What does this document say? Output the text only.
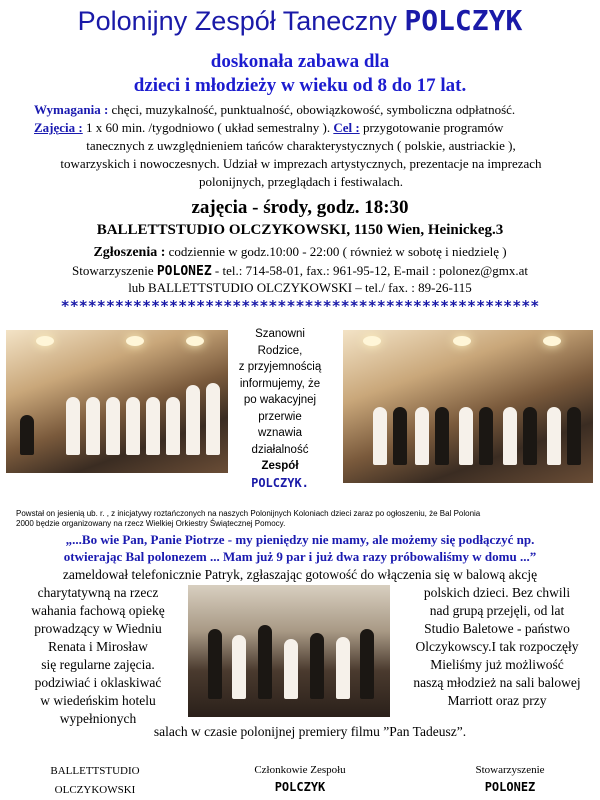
Polonijny Zespół Taneczny POLCZYK
doskonała zabawa dla
dzieci i młodzieży w wieku od 8 do 17 lat.
Wymagania : chęci, muzykalność, punktualność, obowiązkowość, symboliczna odpłatność.
Zajęcia : 1 x 60 min. /tygodniowo ( układ semestralny ). Cel : przygotowanie programów
tanecznych z uwzględnieniem tańców charakterystycznych ( polskie, austriackie ),
towarzyskich i nowoczesnych. Udział w imprezach artystycznych, prezentacje na imprezach
polonijnych, przeglądach i festiwalach.
zajęcia - środy, godz. 18:30
BALLETTSTUDIO OLCZYKOWSKI, 1150 Wien, Heinickeg.3
Zgłoszenia : codziennie w godz.10:00 - 22:00 ( również w sobotę i niedzielę )
Stowarzyszenie POLONEZ - tel.: 714-58-01, fax.: 961-95-12, E-mail : polonez@gmx.at
lub BALLETTSTUDIO OLCZYKOWSKI – tel./ fax. : 89-26-115
*****************************************************
Szanowni
Rodzice,
z przyjemnością
informujemy, że
po wakacyjnej
przerwie
wznawia
działalność
Zespół
POLCZYK.
Powstał on jesienią ub. r. , z inicjatywy roztańczonych na naszych Polonijnych Koloniach dzieci zaraz po ogłoszeniu, że Bal Polonia
2000 będzie organizowany na rzecz Wielkiej Orkiestry Świątecznej Pomocy.
„...Bo wie Pan, Panie Piotrze - my pieniędzy nie mamy, ale możemy się podłączyć np.
otwierając Bal polonezem ... Mam już 9 par i już dwa razy próbowaliśmy w domu ...”
zameldował telefonicznie Patryk, zgłaszając gotowość do włączenia się w balową akcję
charytatywną na rzecz
wahania fachową opiekę
prowadzący w Wiedniu
Renata i Mirosław
się regularne zajęcia.
podziwiać i oklaskiwać
w wiedeńskim hotelu
wypełnionych
polskich dzieci. Bez chwili
nad grupą przejęli, od lat
Studio Baletowe - państwo
Olczykowscy.I tak rozpoczęły
Mieliśmy już możliwość
naszą młodzież na sali balowej
Marriott oraz przy
salach w czasie polonijnej premiery filmu ”Pan Tadeusz”.
BALLETTSTUDIO
OLCZYKOWSKI
Członkowie Zespołu
POLCZYK
Stowarzyszenie
POLONEZ
